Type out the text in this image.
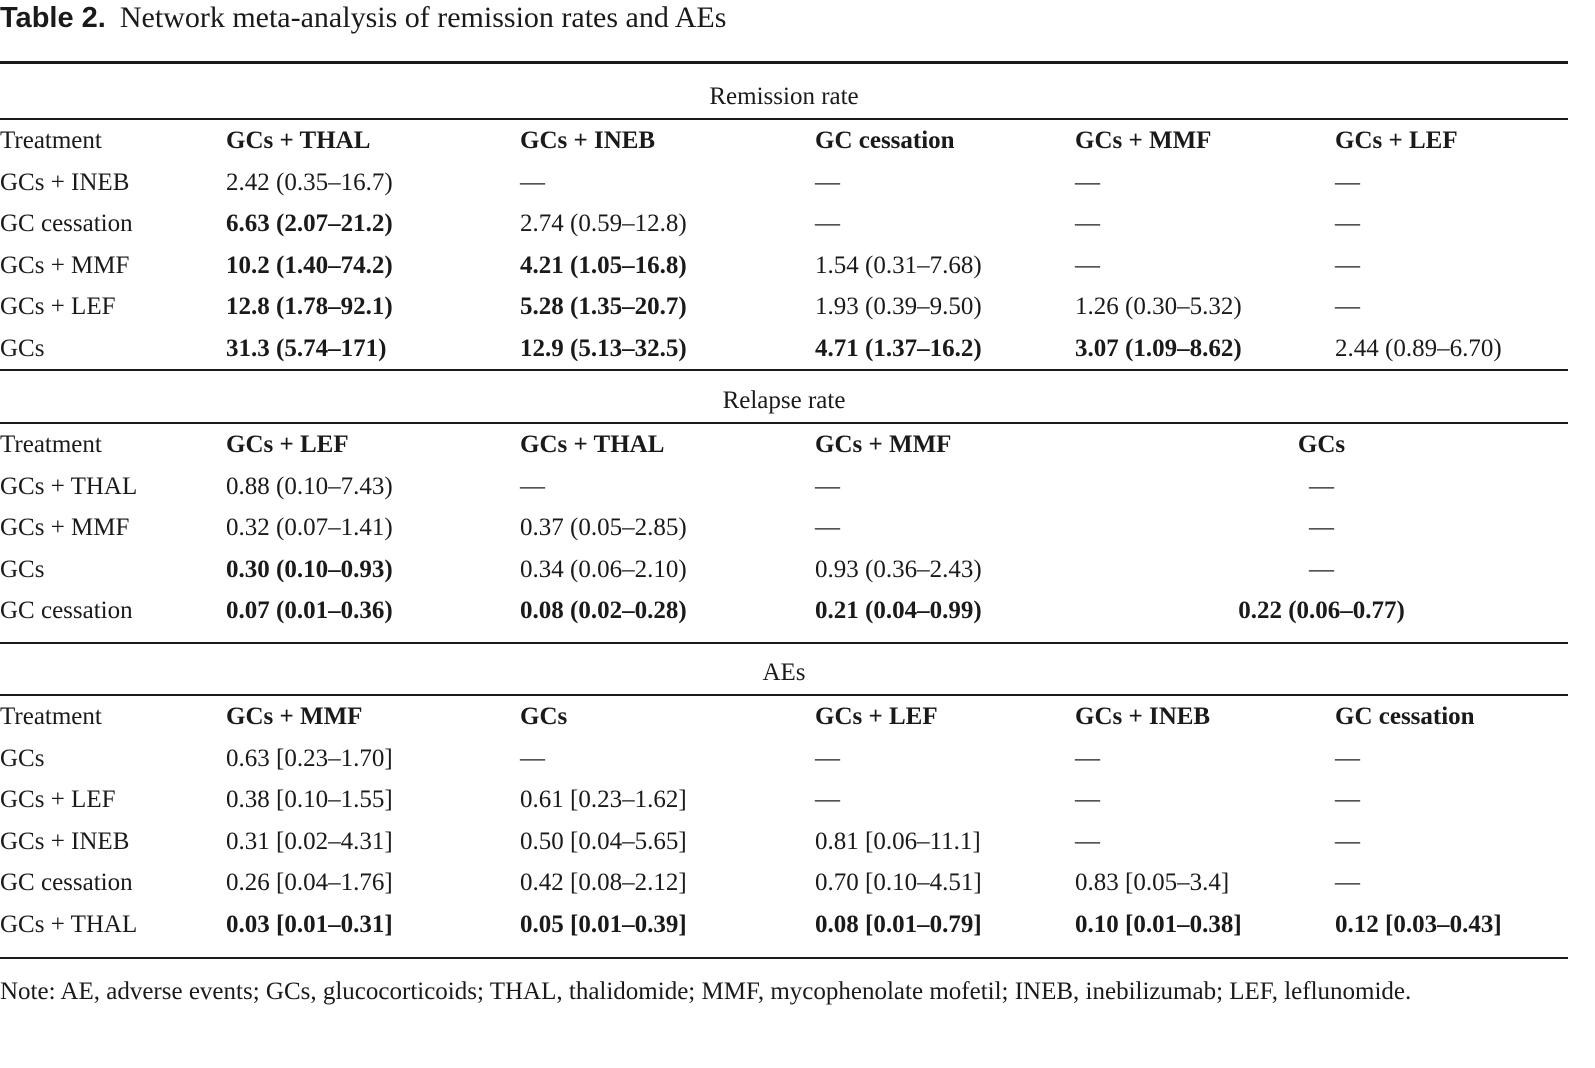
Table 2. Network meta-analysis of remission rates and AEs
Remission rate					
Treatment	GCs + THAL	GCs + INEB	GC cessation	GCs + MMF	GCs + LEF
GCs + INEB	2.42 (0.35–16.7)	—	—	—	—
GC cessation	6.63 (2.07–21.2)	2.74 (0.59–12.8)	—	—	—
GCs + MMF	10.2 (1.40–74.2)	4.21 (1.05–16.8)	1.54 (0.31–7.68)	—	—
GCs + LEF	12.8 (1.78–92.1)	5.28 (1.35–20.7)	1.93 (0.39–9.50)	1.26 (0.30–5.32)	—
GCs	31.3 (5.74–171)	12.9 (5.13–32.5)	4.71 (1.37–16.2)	3.07 (1.09–8.62)	2.44 (0.89–6.70)
Relapse rate				
Treatment	GCs + LEF	GCs + THAL	GCs + MMF	GCs
GCs + THAL	0.88 (0.10–7.43)	—	—	—
GCs + MMF	0.32 (0.07–1.41)	0.37 (0.05–2.85)	—	—
GCs	0.30 (0.10–0.93)	0.34 (0.06–2.10)	0.93 (0.36–2.43)	—
GC cessation	0.07 (0.01–0.36)	0.08 (0.02–0.28)	0.21 (0.04–0.99)	0.22 (0.06–0.77)
AEs					
Treatment	GCs + MMF	GCs	GCs + LEF	GCs + INEB	GC cessation
GCs	0.63 [0.23–1.70]	—	—	—	—
GCs + LEF	0.38 [0.10–1.55]	0.61 [0.23–1.62]	—	—	—
GCs + INEB	0.31 [0.02–4.31]	0.50 [0.04–5.65]	0.81 [0.06–11.1]	—	—
GC cessation	0.26 [0.04–1.76]	0.42 [0.08–2.12]	0.70 [0.10–4.51]	0.83 [0.05–3.4]	—
GCs + THAL	0.03 [0.01–0.31]	0.05 [0.01–0.39]	0.08 [0.01–0.79]	0.10 [0.01–0.38]	0.12 [0.03–0.43]
Note: AE, adverse events; GCs, glucocorticoids; THAL, thalidomide; MMF, mycophenolate mofetil; INEB, inebilizumab; LEF, leflunomide.
